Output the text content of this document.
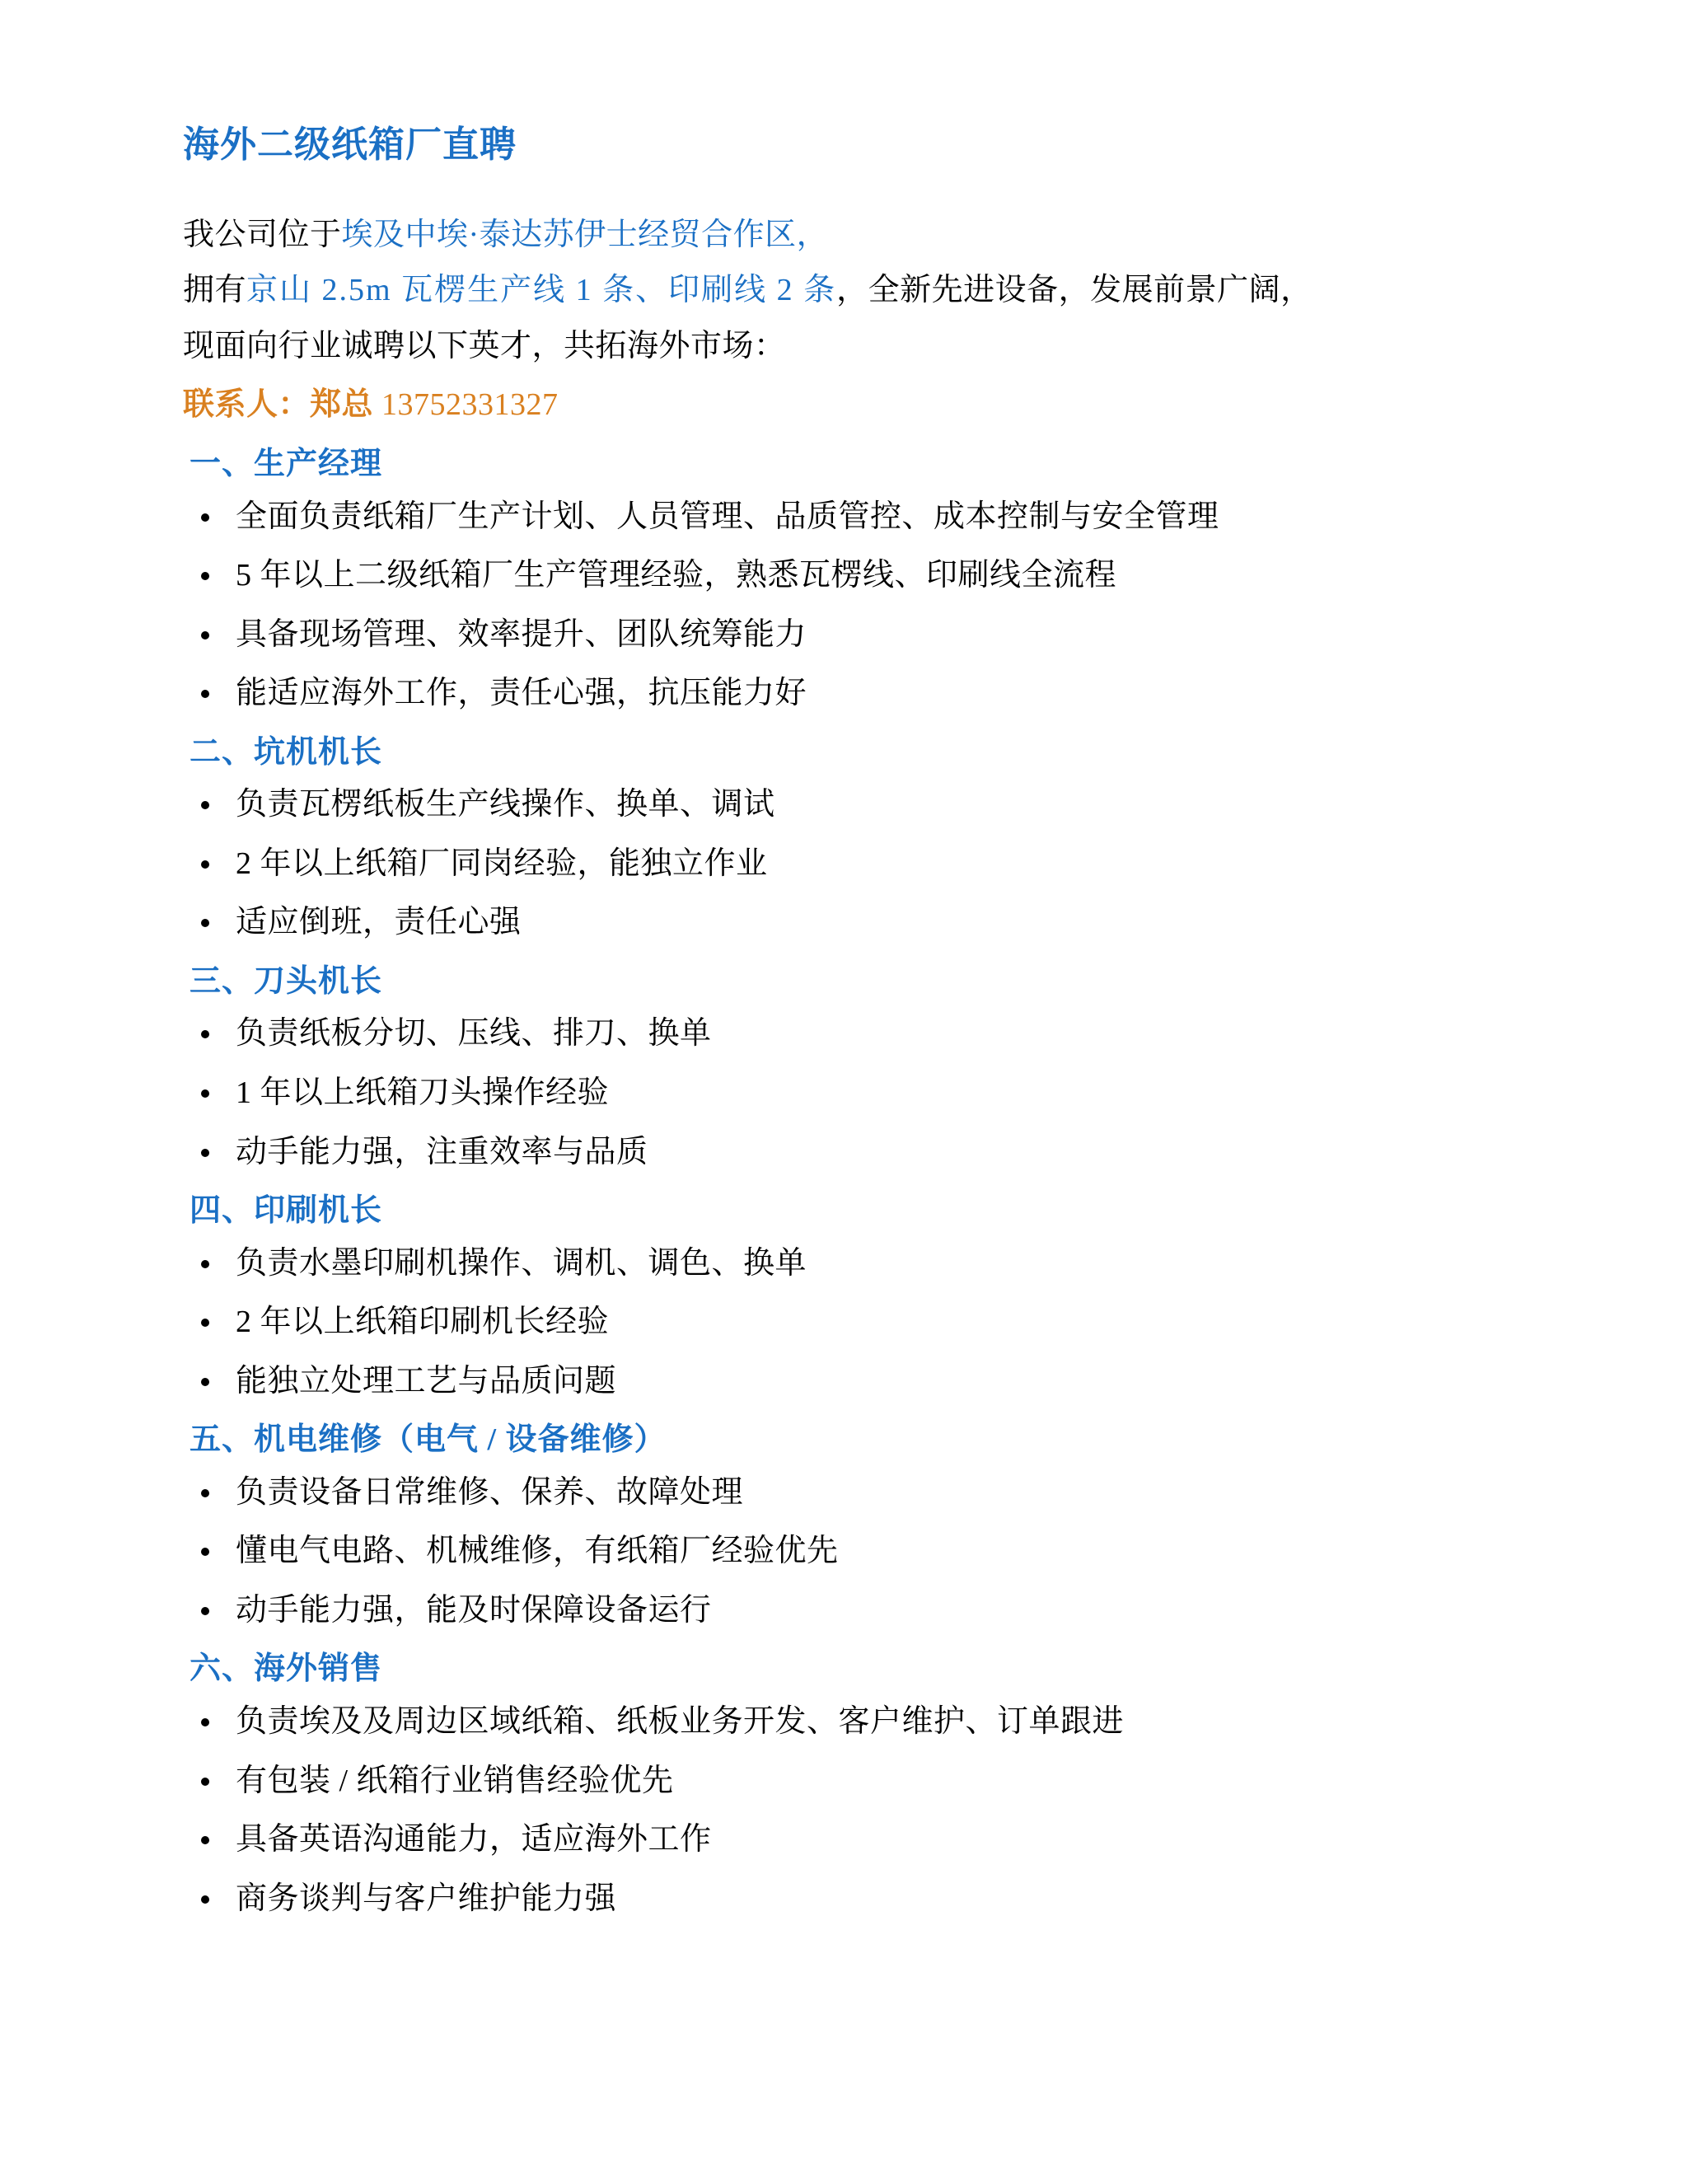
海外二级纸箱厂直聘

我公司位于埃及中埃·泰达苏伊士经贸合作区，

拥有京山 2.5m 瓦楞生产线 1 条、印刷线 2 条，全新先进设备，发展前景广阔，

现面向行业诚聘以下英才，共拓海外市场：

联系人：郑总 13752331327

一、生产经理
全面负责纸箱厂生产计划、人员管理、品质管控、成本控制与安全管理
5 年以上二级纸箱厂生产管理经验，熟悉瓦楞线、印刷线全流程
具备现场管理、效率提升、团队统筹能力
能适应海外工作，责任心强，抗压能力好
二、坑机机长
负责瓦楞纸板生产线操作、换单、调试
2 年以上纸箱厂同岗经验，能独立作业
适应倒班，责任心强
三、刀头机长
负责纸板分切、压线、排刀、换单
1 年以上纸箱刀头操作经验
动手能力强，注重效率与品质
四、印刷机长
负责水墨印刷机操作、调机、调色、换单
2 年以上纸箱印刷机长经验
能独立处理工艺与品质问题
五、机电维修（电气 / 设备维修）
负责设备日常维修、保养、故障处理
懂电气电路、机械维修，有纸箱厂经验优先
动手能力强，能及时保障设备运行
六、海外销售
负责埃及及周边区域纸箱、纸板业务开发、客户维护、订单跟进
有包装 / 纸箱行业销售经验优先
具备英语沟通能力，适应海外工作
商务谈判与客户维护能力强
